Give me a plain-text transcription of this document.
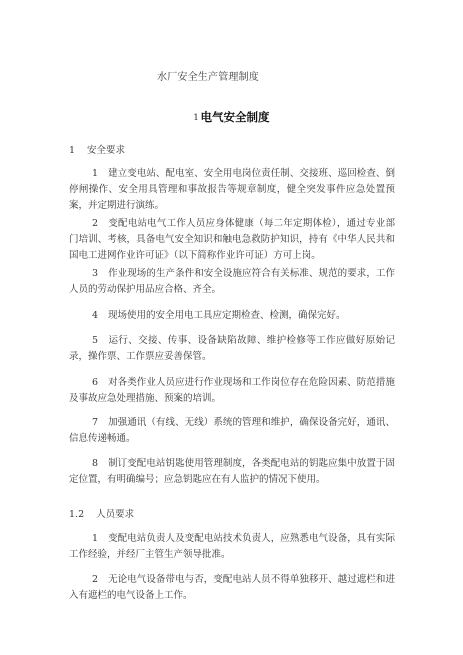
水厂安全生产管理制度
1 电气安全制度
1 安全要求

1 建立变电站、配电室、安全用电岗位责任制、交接班、巡回检查、倒停闸操作、安全用具管理和事故报告等规章制度，健全突发事件应急处置预案，并定期进行演练。

2 变配电站电气工作人员应身体健康（每二年定期体检），通过专业部门培训、考核，具备电气安全知识和触电急救防护知识，持有《中华人民共和国电工进网作业许可证》（以下简称作业许可证）方可上岗。

3 作业现场的生产条件和安全设施应符合有关标准、规范的要求，工作人员的劳动保护用品应合格、齐全。

4 现场使用的安全用电工具应定期检查、检测，确保完好。

5 运行、交接、传事、设备缺陷故障、维护检修等工作应做好原始记录，操作票、工作票应妥善保管。

6 对各类作业人员应进行作业现场和工作岗位存在危险因素、防范措施及事故应急处理措施、预案的培训。

7 加强通讯（有线、无线）系统的管理和维护，确保设备完好，通讯、信息传递畅通。

8 制订变配电站钥匙使用管理制度，各类配电站的钥匙应集中放置于固定位置，有明确编号；应急钥匙应在有人监护的情况下使用。

1.2 人员要求

1 变配电站负责人及变配电站技术负责人，应熟悉电气设备，具有实际工作经验，并经厂主管生产领导批准。

2 无论电气设备带电与否，变配电站人员不得单独移开、越过遮栏和进入有遮栏的电气设备上工作。
